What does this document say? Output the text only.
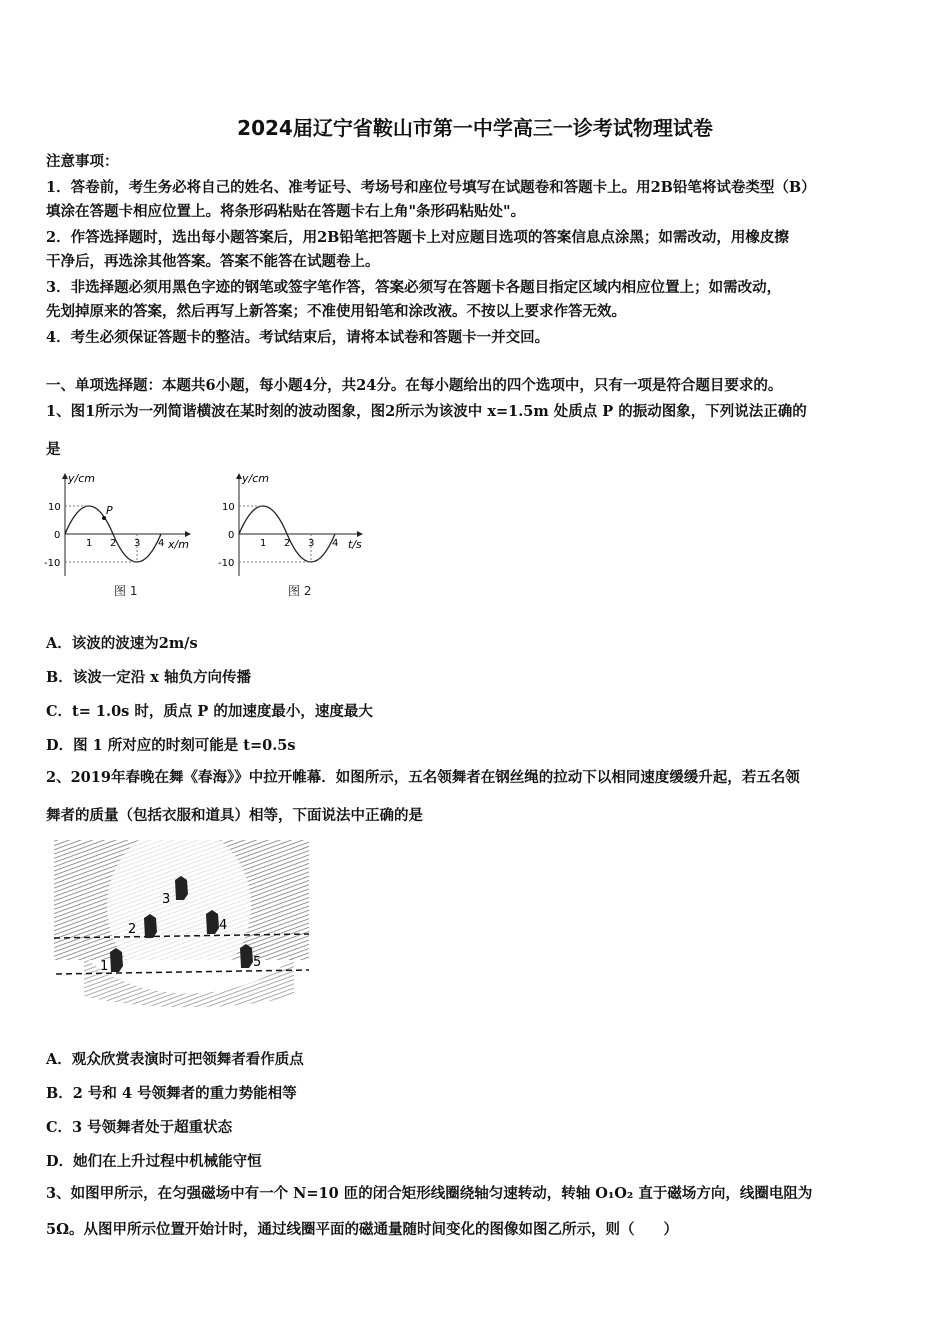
2024届辽宁省鞍山市第一中学高三一诊考试物理试卷
注意事项：
1．答卷前，考生务必将自己的姓名、准考证号、考场号和座位号填写在试题卷和答题卡上。用2B铅笔将试卷类型（B）
填涂在答题卡相应位置上。将条形码粘贴在答题卡右上角"条形码粘贴处"。
2．作答选择题时，选出每小题答案后，用2B铅笔把答题卡上对应题目选项的答案信息点涂黑；如需改动，用橡皮擦
干净后，再选涂其他答案。答案不能答在试题卷上。
3．非选择题必须用黑色字迹的钢笔或签字笔作答，答案必须写在答题卡各题目指定区域内相应位置上；如需改动，
先划掉原来的答案，然后再写上新答案；不准使用铅笔和涂改液。不按以上要求作答无效。
4．考生必须保证答题卡的整洁。考试结束后，请将本试卷和答题卡一并交回。
一、单项选择题：本题共6小题，每小题4分，共24分。在每小题给出的四个选项中，只有一项是符合题目要求的。
1、图1所示为一列简谐横波在某时刻的波动图象，图2所示为该波中 x=1.5m 处质点 P 的振动图象，下列说法正确的
是
P
y/cm
x/m
10
0
-10
1 2 3 4
图 1
y/cm
t/s
10
0
-10
1 2 3 4
图 2
A．该波的波速为2m/s
B．该波一定沿 x 轴负方向传播
C．t= 1.0s 时，质点 P 的加速度最小，速度最大
D．图 1 所对应的时刻可能是 t=0.5s
2、2019年春晚在舞《春海》》中拉开帷幕．如图所示，五名领舞者在钢丝绳的拉动下以相同速度缓缓升起，若五名领
舞者的质量（包括衣服和道具）相等，下面说法中正确的是
1
2
3
4
5
A．观众欣赏表演时可把领舞者看作质点
B．2 号和 4 号领舞者的重力势能相等
C．3 号领舞者处于超重状态
D．她们在上升过程中机械能守恒
3、如图甲所示，在匀强磁场中有一个 N=10 匝的闭合矩形线圈绕轴匀速转动，转轴 O₁O₂ 直于磁场方向，线圈电阻为
5Ω。从图甲所示位置开始计时，通过线圈平面的磁通量随时间变化的图像如图乙所示，则（　　）
